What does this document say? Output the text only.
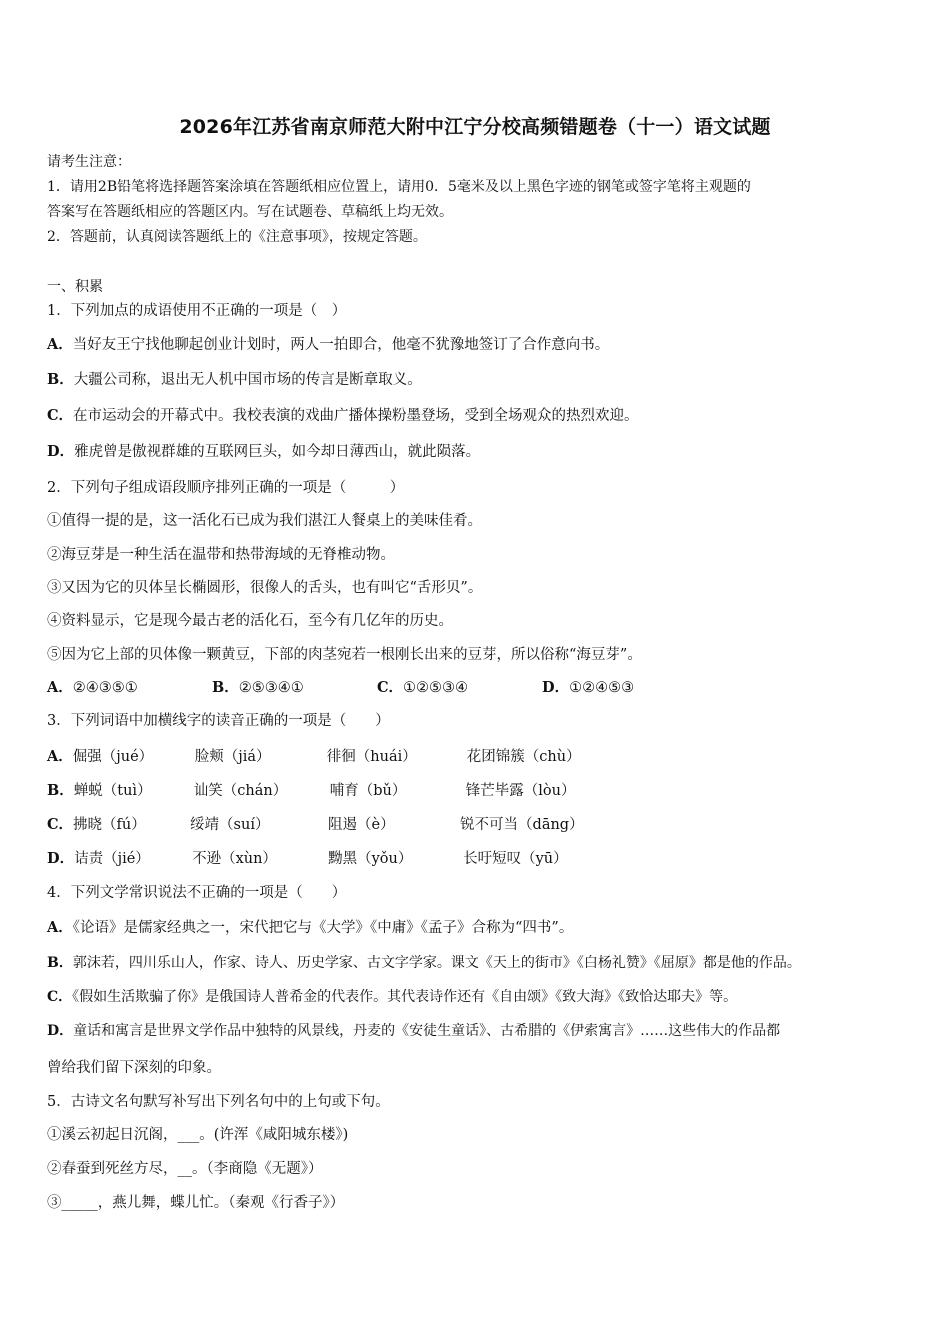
2026年江苏省南京师范大附中江宁分校高频错题卷（十一）语文试题
请考生注意：
1．请用2B铅笔将选择题答案涂填在答题纸相应位置上，请用0．5毫米及以上黑色字迹的钢笔或签字笔将主观题的
答案写在答题纸相应的答题区内。写在试题卷、草稿纸上均无效。
2．答题前，认真阅读答题纸上的《注意事项》，按规定答题。
一、积累
1．下列加点的成语使用不正确的一项是（　）
A．当好友王宁找他聊起创业计划时，两人一拍即合，他毫不犹豫地签订了合作意向书。
B．大疆公司称，退出无人机中国市场的传言是断章取义。
C．在市运动会的开幕式中。我校表演的戏曲广播体操粉墨登场，受到全场观众的热烈欢迎。
D．雅虎曾是傲视群雄的互联网巨头，如今却日薄西山，就此陨落。
2．下列句子组成语段顺序排列正确的一项是（　　　）
①值得一提的是，这一活化石已成为我们湛江人餐桌上的美味佳肴。
②海豆芽是一种生活在温带和热带海域的无脊椎动物。
③又因为它的贝体呈长椭圆形，很像人的舌头，也有叫它“舌形贝”。
④资料显示，它是现今最古老的活化石，至今有几亿年的历史。
⑤因为它上部的贝体像一颗黄豆，下部的肉茎宛若一根刚长出来的豆芽，所以俗称“海豆芽”。
A．②④③⑤①	B．②⑤③④①	C．①②⑤③④	D．①②④⑤③
3．下列词语中加横线字的读音正确的一项是（　　）
A．倔强（jué）	脸颊（jiá）	徘徊（huái）	花团锦簇（chù）
B．蝉蜕（tuì）	讪笑（chán）	哺育（bǔ）	锋芒毕露（lòu）
C．拂晓（fú）	绥靖（suí）	阻遏（è）	锐不可当（dāng）
D．诘责（jié）	不逊（xùn）	黝黑（yǒu）	长吁短叹（yū）
4．下列文学常识说法不正确的一项是（　　）
A．《论语》是儒家经典之一，宋代把它与《大学》《中庸》《孟子》合称为“四书”。
B．郭沫若，四川乐山人，作家、诗人、历史学家、古文字学家。课文《天上的街市》《白杨礼赞》《屈原》都是他的作品。
C．《假如生活欺骗了你》是俄国诗人普希金的代表作。其代表诗作还有《自由颂》《致大海》《致恰达耶夫》等。
D．童话和寓言是世界文学作品中独特的风景线，丹麦的《安徒生童话》、古希腊的《伊索寓言》……这些伟大的作品都
曾给我们留下深刻的印象。
5．古诗文名句默写补写出下列名句中的上句或下句。
①溪云初起日沉阁，___。(许浑《咸阳城东楼》)
②春蚕到死丝方尽，__。（李商隐《无题》）
③_____，燕儿舞，蝶儿忙。（秦观《行香子》）
